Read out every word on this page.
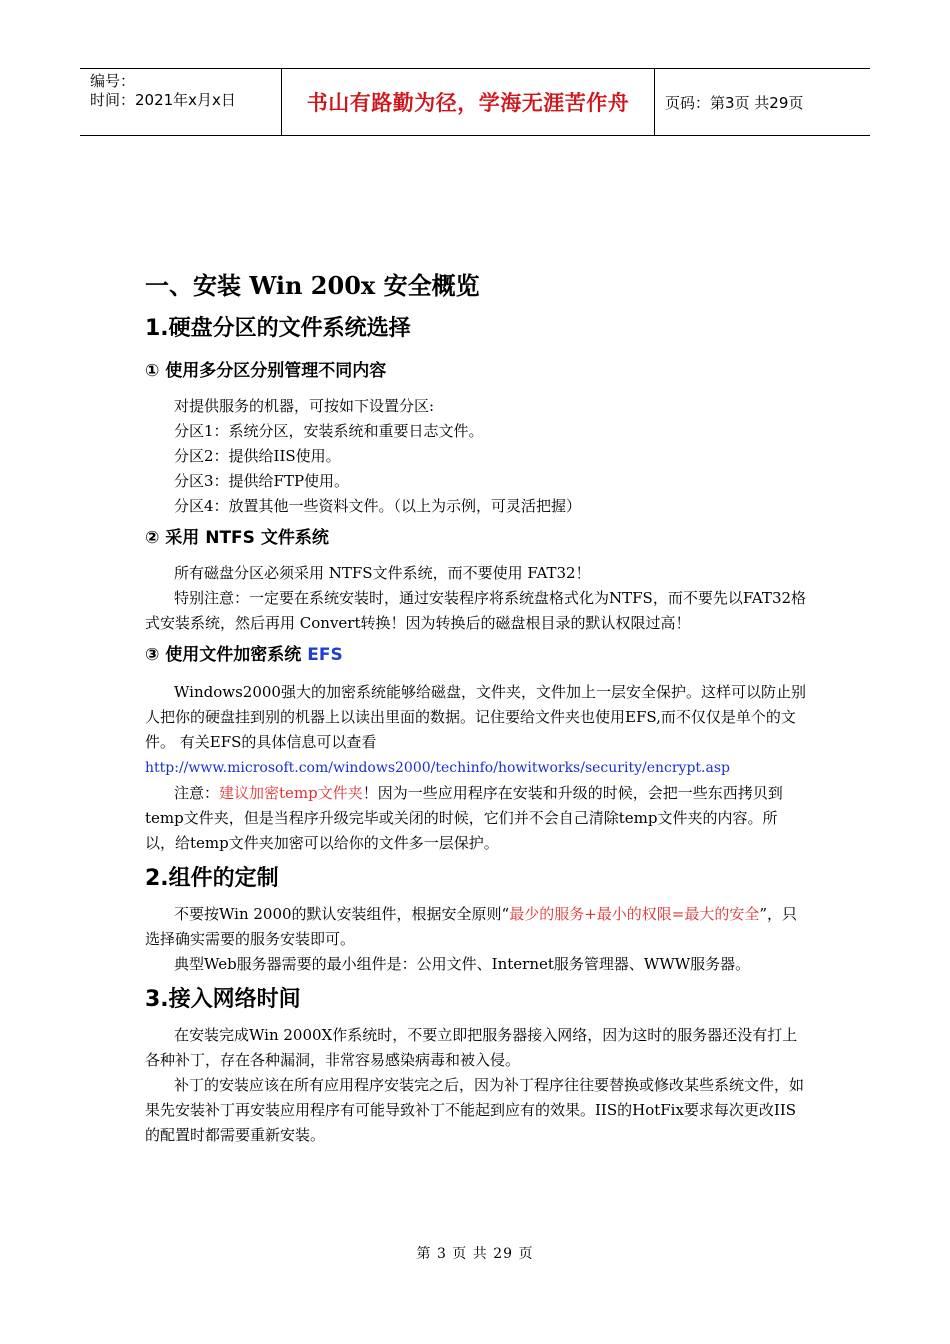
编号：
时间：2021年x月x日	书山有路勤为径，学海无涯苦作舟	页码：第3页 共29页
一、安装 Win 200x 安全概览
1.硬盘分区的文件系统选择
① 使用多分区分别管理不同内容

对提供服务的机器，可按如下设置分区:

分区1：系统分区，安装系统和重要日志文件。

分区2：提供给IIS使用。

分区3：提供给FTP使用。

分区4：放置其他一些资料文件。（以上为示例，可灵活把握）

② 采用 NTFS 文件系统

所有磁盘分区必须采用 NTFS文件系统，而不要使用 FAT32！

特别注意：一定要在系统安装时，通过安装程序将系统盘格式化为NTFS，而不要先以FAT32格式安装系统，然后再用 Convert转换！因为转换后的磁盘根目录的默认权限过高！

③ 使用文件加密系统 EFS

Windows2000强大的加密系统能够给磁盘，文件夹，文件加上一层安全保护。这样可以防止别人把你的硬盘挂到别的机器上以读出里面的数据。记住要给文件夹也使用EFS,而不仅仅是单个的文件。 有关EFS的具体信息可以查看

http://www.microsoft.com/windows2000/techinfo/howitworks/security/encrypt.asp

注意：建议加密temp文件夹！因为一些应用程序在安装和升级的时候，会把一些东西拷贝到temp文件夹，但是当程序升级完毕或关闭的时候，它们并不会自己清除temp文件夹的内容。所以，给temp文件夹加密可以给你的文件多一层保护。

2.组件的定制

不要按Win 2000的默认安装组件，根据安全原则“最少的服务+最小的权限=最大的安全”，只选择确实需要的服务安装即可。

典型Web服务器需要的最小组件是：公用文件、Internet服务管理器、WWW服务器。

3.接入网络时间

在安装完成Win 2000X作系统时，不要立即把服务器接入网络，因为这时的服务器还没有打上各种补丁，存在各种漏洞，非常容易感染病毒和被入侵。

补丁的安装应该在所有应用程序安装完之后，因为补丁程序往往要替换或修改某些系统文件，如果先安装补丁再安装应用程序有可能导致补丁不能起到应有的效果。IIS的HotFix要求每次更改IIS的配置时都需要重新安装。

第 3 页 共 29 页
